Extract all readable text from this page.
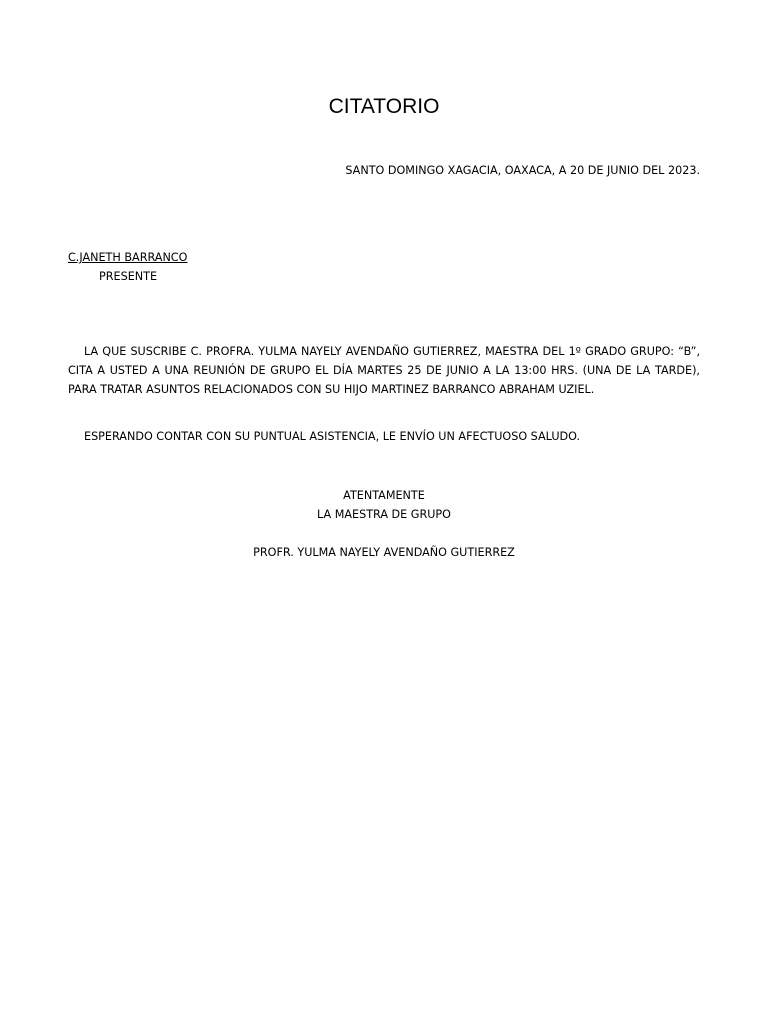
CITATORIO
SANTO DOMINGO XAGACIA, OAXACA, A 20 DE JUNIO DEL 2023.
C.JANETH BARRANCO
PRESENTE
LA QUE SUSCRIBE C. PROFRA. YULMA NAYELY AVENDAÑO GUTIERREZ, MAESTRA DEL 1º GRADO GRUPO: “B”, CITA A USTED A UNA REUNIÓN DE GRUPO EL DÍA MARTES 25 DE JUNIO A LA 13:00 HRS. (UNA DE LA TARDE), PARA TRATAR ASUNTOS RELACIONADOS CON SU HIJO MARTINEZ BARRANCO ABRAHAM UZIEL.
ESPERANDO CONTAR CON SU PUNTUAL ASISTENCIA, LE ENVÍO UN AFECTUOSO SALUDO.
ATENTAMENTE
LA MAESTRA DE GRUPO
PROFR. YULMA NAYELY AVENDAÑO GUTIERREZ
